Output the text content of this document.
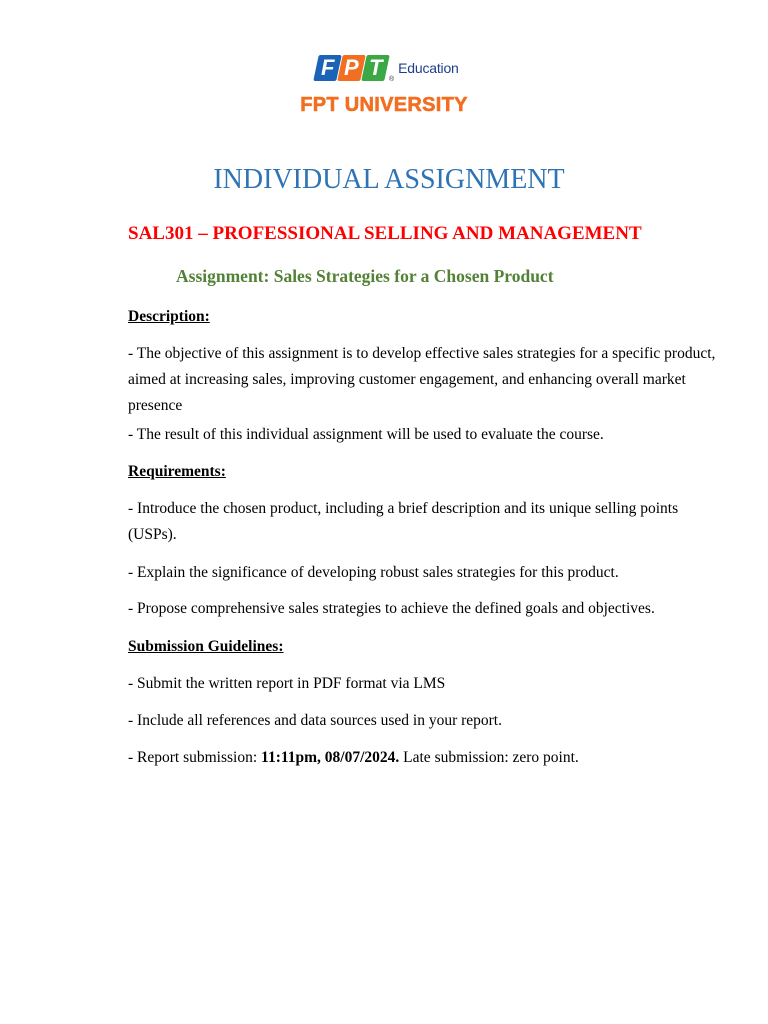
F P T ®
Education
FPT UNIVERSITY
INDIVIDUAL ASSIGNMENT
SAL301 – PROFESSIONAL SELLING AND MANAGEMENT
Assignment: Sales Strategies for a Chosen Product

Description:

- The objective of this assignment is to develop effective sales strategies for a specific product, aimed at increasing sales, improving customer engagement, and enhancing overall market presence

- The result of this individual assignment will be used to evaluate the course.

Requirements:

- Introduce the chosen product, including a brief description and its unique selling points (USPs).

- Explain the significance of developing robust sales strategies for this product.

- Propose comprehensive sales strategies to achieve the defined goals and objectives.

Submission Guidelines:

- Submit the written report in PDF format via LMS

- Include all references and data sources used in your report.

- Report submission: 11:11pm, 08/07/2024. Late submission: zero point.
